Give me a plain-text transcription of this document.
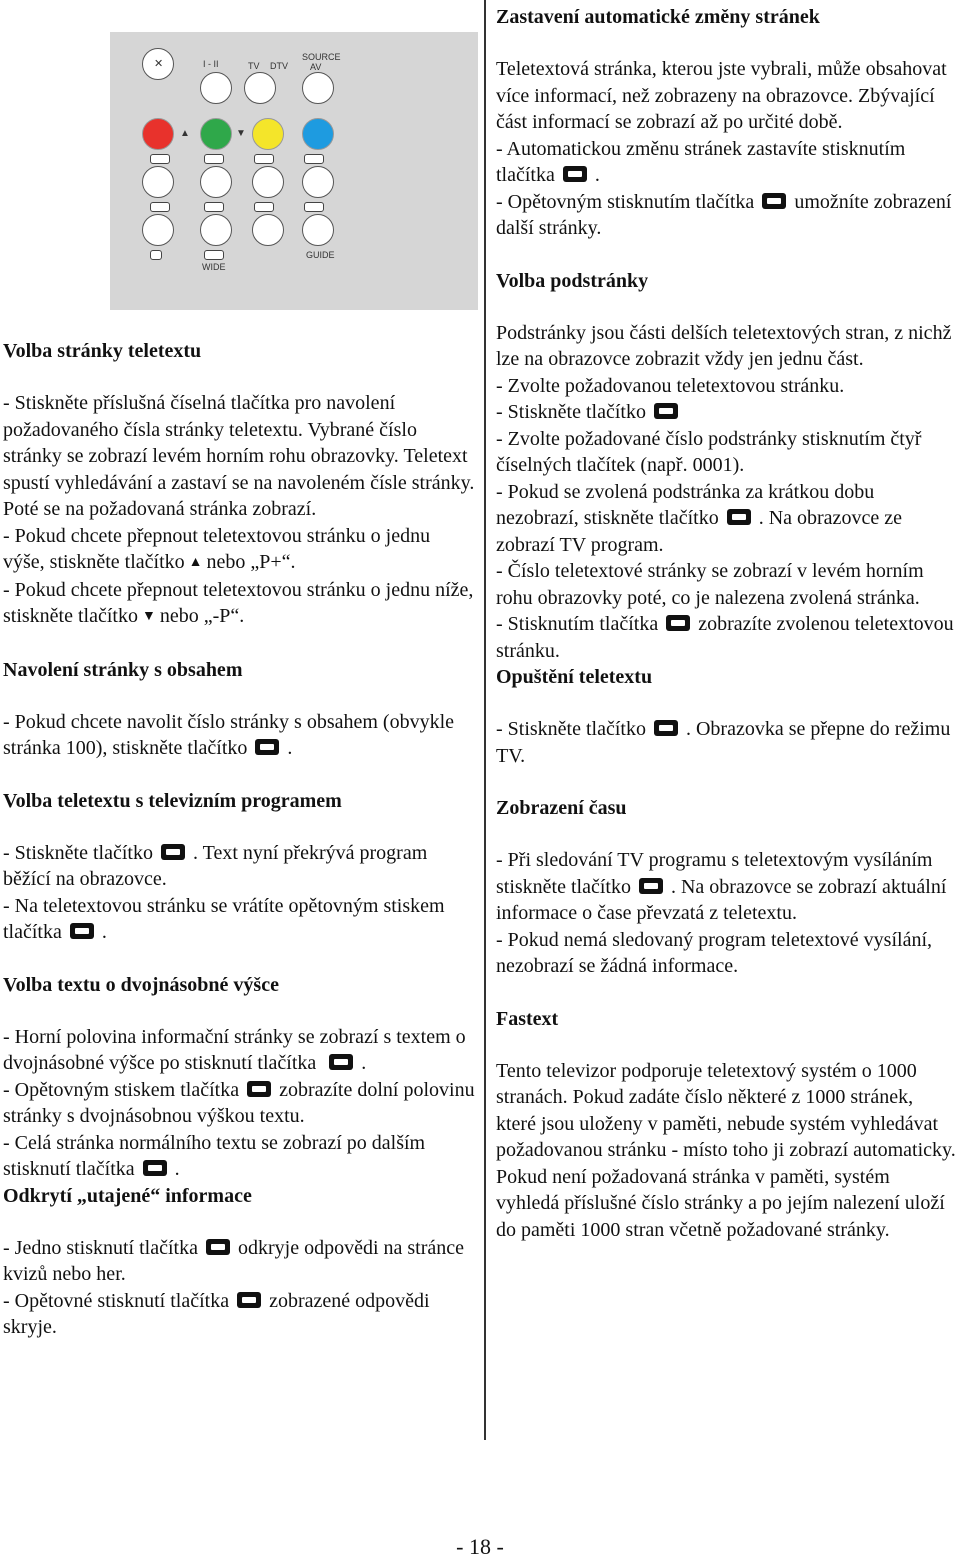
✕	I - II	TV DTV
SOURCE
AV
▲	▼
WIDE
GUIDE
Volba stránky teletextu

- Stiskněte příslušná číselná tlačítka pro navolení požadovaného čísla stránky teletextu. Vybrané číslo stránky se zobrazí levém horním rohu obrazovky. Teletext spustí vyhledávání a zastaví se na navoleném čísle stránky. Poté se na požadovaná stránka zobrazí.

- Pokud chcete přepnout teletextovou stránku o jednu výše, stiskněte tlačítko ▲ nebo „P+“.

- Pokud chcete přepnout teletextovou stránku o jednu níže, stiskněte tlačítko ▼ nebo „-P“.

Navolení stránky s obsahem

- Pokud chcete navolit číslo stránky s obsahem (obvykle stránka 100), stiskněte tlačítko .

Volba teletextu s televizním programem

- Stiskněte tlačítko . Text nyní překrývá program běžící na obrazovce.

- Na teletextovou stránku se vrátíte opětovným stiskem tlačítka .

Volba textu o dvojnásobné výšce

- Horní polovina informační stránky se zobrazí s textem o dvojnásobné výšce po stisknutí tlačítka .

- Opětovným stiskem tlačítka zobrazíte dolní polovinu stránky s dvojnásobnou výškou textu.

- Celá stránka normálního textu se zobrazí po dalším stisknutí tlačítka .

Odkrytí „utajené“ informace

- Jedno stisknutí tlačítka odkryje odpovědi na stránce kvizů nebo her.

- Opětovné stisknutí tlačítka zobrazené odpovědi skryje.

Zastavení automatické změny stránek

Teletextová stránka, kterou jste vybrali, může obsahovat více informací, než zobrazeny na obrazovce. Zbývající část informací se zobrazí až po určité době.

- Automatickou změnu stránek zastavíte stisknutím tlačítka .

- Opětovným stisknutím tlačítka umožníte zobrazení další stránky.

Volba podstránky

Podstránky jsou části delších teletextových stran, z nichž lze na obrazovce zobrazit vždy jen jednu část.

- Zvolte požadovanou teletextovou stránku.

- Stiskněte tlačítko

- Zvolte požadované číslo podstránky stisknutím čtyř číselných tlačítek (např. 0001).

- Pokud se zvolená podstránka za krátkou dobu nezobrazí, stiskněte tlačítko . Na obrazovce ze zobrazí TV program.

- Číslo teletextové stránky se zobrazí v levém horním rohu obrazovky poté, co je nalezena zvolená stránka.

- Stisknutím tlačítka zobrazíte zvolenou teletextovou stránku.

Opuštění teletextu

- Stiskněte tlačítko . Obrazovka se přepne do režimu TV.

Zobrazení času

- Při sledování TV programu s teletextovým vysíláním stiskněte tlačítko . Na obrazovce se zobrazí aktuální informace o čase převzatá z teletextu.

- Pokud nemá sledovaný program teletextové vysílání, nezobrazí se žádná informace.

Fastext

Tento televizor podporuje teletextový systém o 1000 stranách. Pokud zadáte číslo některé z 1000 stránek, které jsou uloženy v paměti, nebude systém vyhledávat požadovanou stránku - místo toho ji zobrazí automaticky. Pokud není požadovaná stránka v paměti, systém vyhledá příslušné číslo stránky a po jejím nalezení uloží do paměti 1000 stran včetně požadované stránky.

- 18 -
